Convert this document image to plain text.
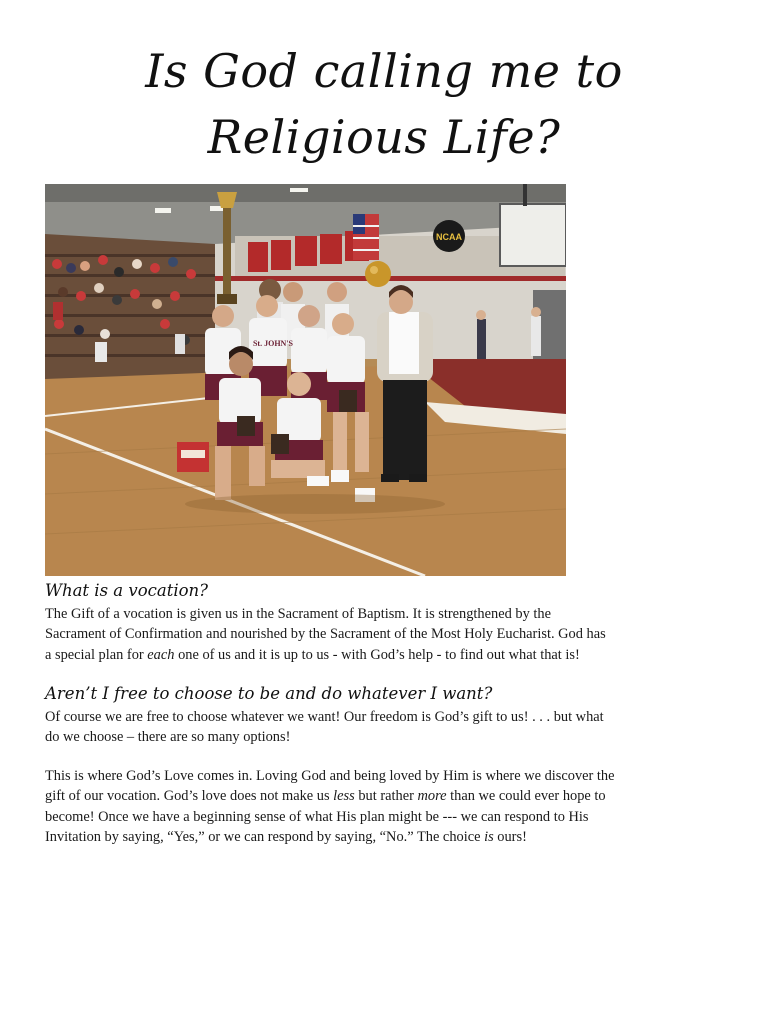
Is God calling me to
Religious Life?
NCAA
St. JOHN'S
What is a vocation?

The Gift of a vocation is given us in the Sacrament of Baptism. It is strengthened by the
Sacrament of Confirmation and nourished by the Sacrament of the Most Holy Eucharist. God has
a special plan for each one of us and it is up to us - with God’s help - to find out what that is!

Aren’t I free to choose to be and do whatever I want?

Of course we are free to choose whatever we want! Our freedom is God’s gift to us! . . . but what
do we choose – there are so many options!

This is where God’s Love comes in. Loving God and being loved by Him is where we discover the
gift of our vocation. God’s love does not make us less but rather more than we could ever hope to
become! Once we have a beginning sense of what His plan might be --- we can respond to His
Invitation by saying, “Yes,” or we can respond by saying, “No.” The choice is ours!
